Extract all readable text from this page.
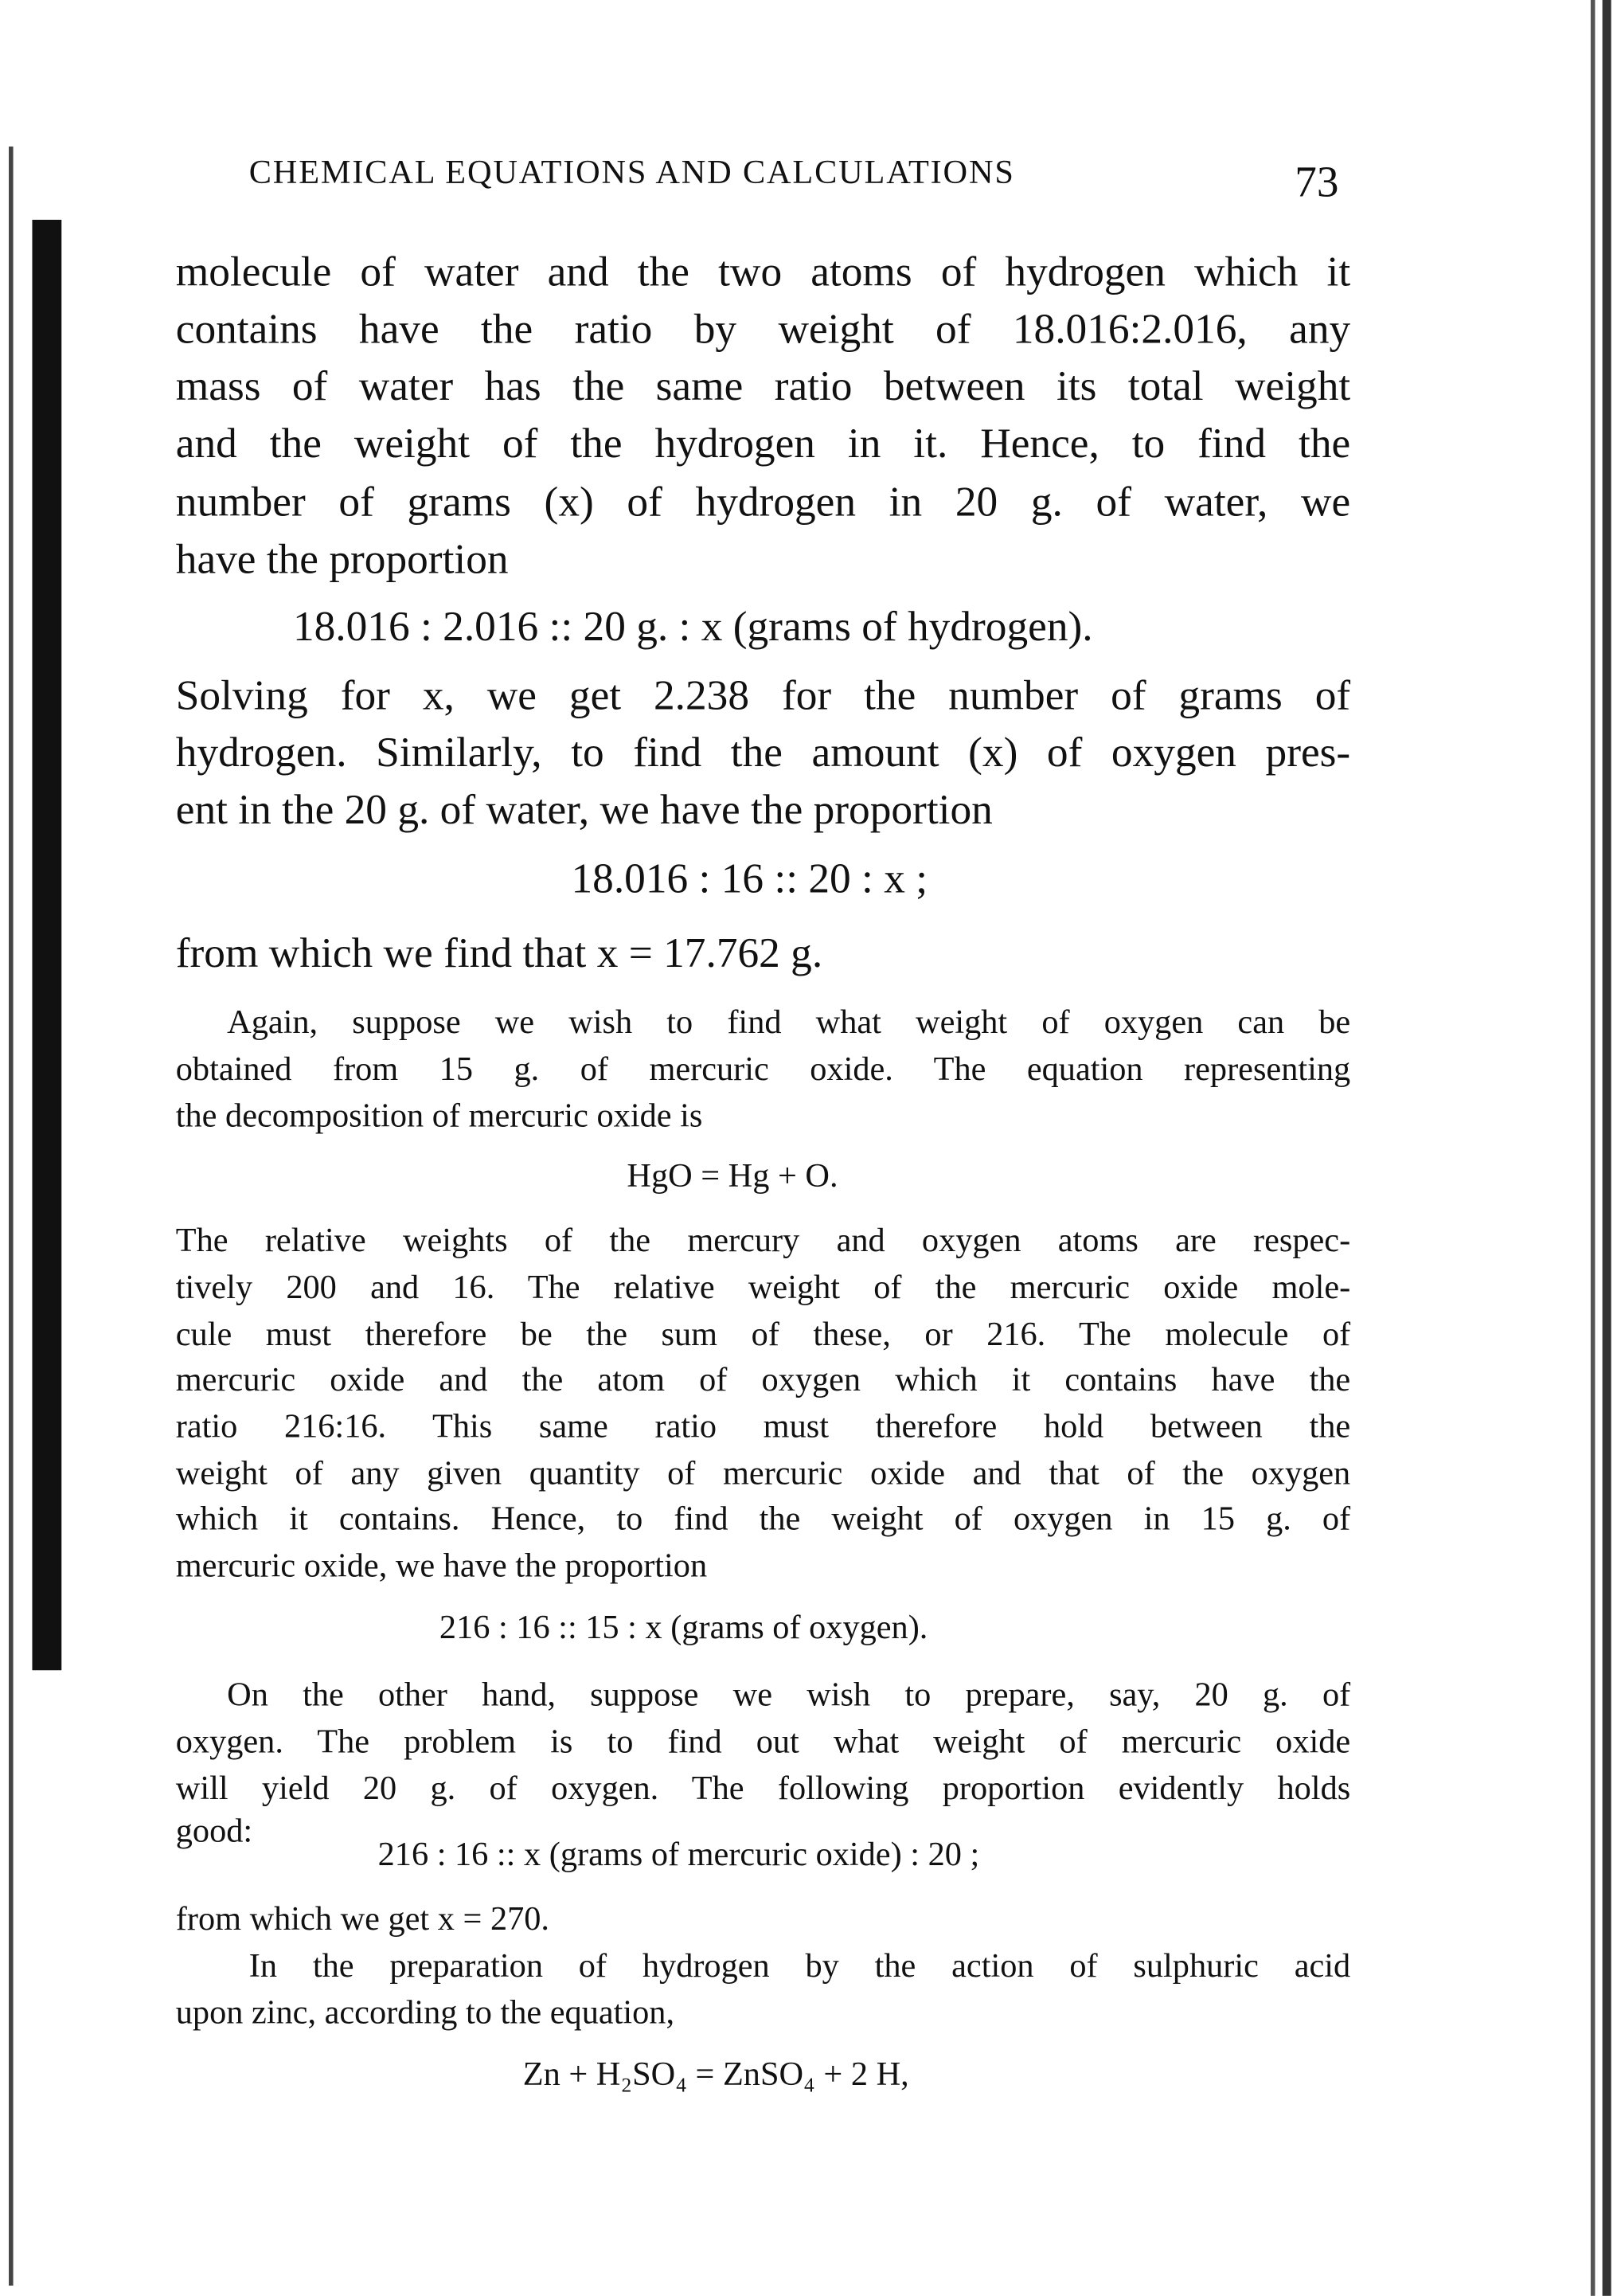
CHEMICAL EQUATIONS AND CALCULATIONS	73
molecule of water and the two atoms of hydrogen which it
contains have the ratio by weight of 18.016:2.016, any
mass of water has the same ratio between its total weight
and the weight of the hydrogen in it. Hence, to find the
number of grams (x) of hydrogen in 20 g. of water, we
have the proportion
18.016 : 2.016 :: 20 g. : x (grams of hydrogen).
Solving for x, we get 2.238 for the number of grams of
hydrogen. Similarly, to find the amount (x) of oxygen pres-
ent in the 20 g. of water, we have the proportion
18.016 : 16 :: 20 : x ;
from which we find that x = 17.762 g.
Again, suppose we wish to find what weight of oxygen can be
obtained from 15 g. of mercuric oxide. The equation representing
the decomposition of mercuric oxide is
HgO = Hg + O.
The relative weights of the mercury and oxygen atoms are respec-
tively 200 and 16. The relative weight of the mercuric oxide mole-
cule must therefore be the sum of these, or 216. The molecule of
mercuric oxide and the atom of oxygen which it contains have the
ratio 216:16. This same ratio must therefore hold between the
weight of any given quantity of mercuric oxide and that of the oxygen
which it contains. Hence, to find the weight of oxygen in 15 g. of
mercuric oxide, we have the proportion
216 : 16 :: 15 : x (grams of oxygen).
On the other hand, suppose we wish to prepare, say, 20 g. of
oxygen. The problem is to find out what weight of mercuric oxide
will yield 20 g. of oxygen. The following proportion evidently holds
good:
216 : 16 :: x (grams of mercuric oxide) : 20 ;
from which we get x = 270.
In the preparation of hydrogen by the action of sulphuric acid
upon zinc, according to the equation,
Zn + H₂SO₄ = ZnSO₄ + 2 H,
